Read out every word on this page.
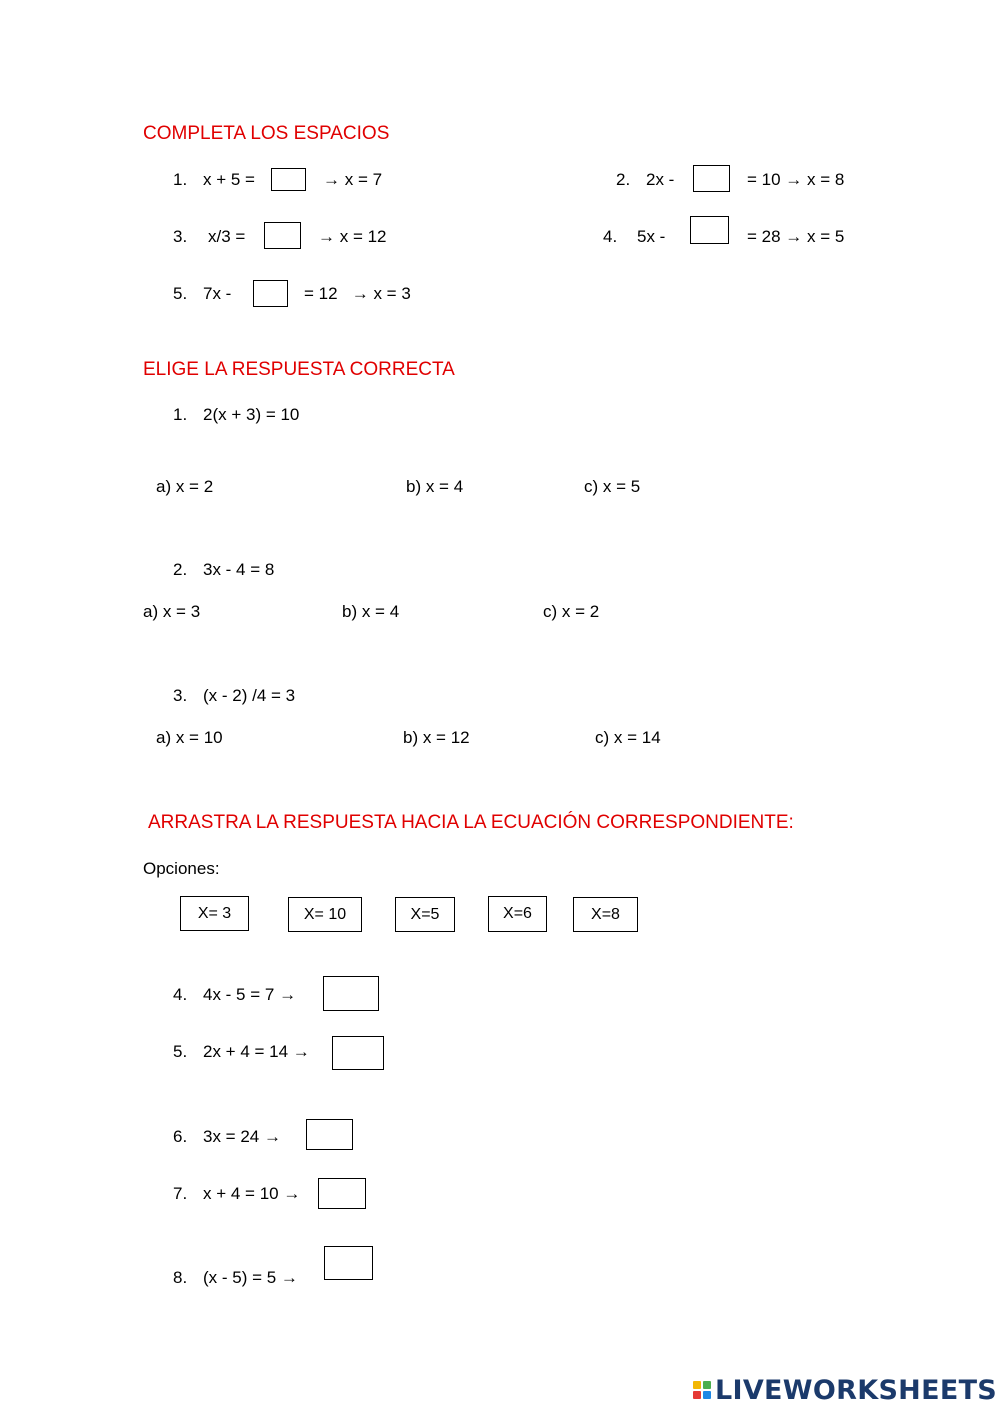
COMPLETA LOS ESPACIOS
1. x + 5 =	→ x = 7	2. 2x -	= 10 → x = 8
3. x/3 =	→ x = 12	4. 5x -	= 28 → x = 5
5. 7x -	= 12   → x = 3
ELIGE LA RESPUESTA CORRECTA
1. 2(x + 3) = 10
a) x = 2	b) x = 4	c) x = 5
2. 3x - 4 = 8
a) x = 3	b) x = 4	c) x = 2
3. (x - 2) /4 = 3
a) x = 10	b) x = 12	c) x = 14
ARRASTRA LA RESPUESTA HACIA LA ECUACIÓN CORRESPONDIENTE:
Opciones:
X= 3	X= 10	X=5	X=6	X=8
4. 4x - 5 = 7 →
5. 2x + 4 = 14 →
6. 3x = 24 →
7. x + 4 = 10 →
8. (x - 5) = 5 →
LIVEWORKSHEETS
